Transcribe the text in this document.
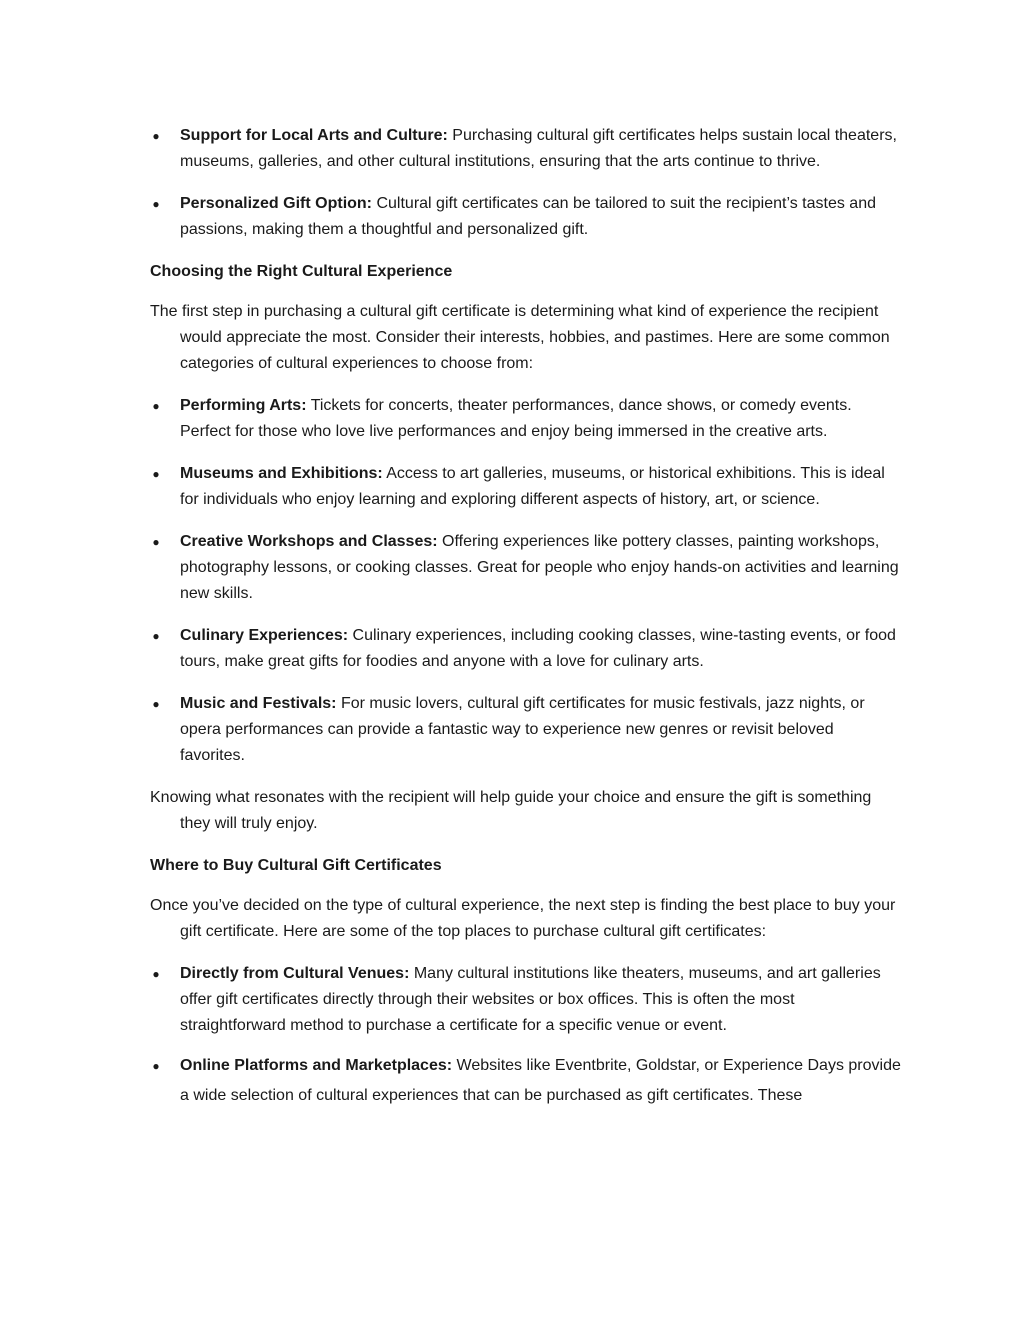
● Support for Local Arts and Culture: Purchasing cultural gift certificates helps sustain local theaters, museums, galleries, and other cultural institutions, ensuring that the arts continue to thrive.
● Personalized Gift Option: Cultural gift certificates can be tailored to suit the recipient’s tastes and passions, making them a thoughtful and personalized gift.
Choosing the Right Cultural Experience
The first step in purchasing a cultural gift certificate is determining what kind of experience the recipient would appreciate the most. Consider their interests, hobbies, and pastimes. Here are some common categories of cultural experiences to choose from:
● Performing Arts: Tickets for concerts, theater performances, dance shows, or comedy events. Perfect for those who love live performances and enjoy being immersed in the creative arts.
● Museums and Exhibitions: Access to art galleries, museums, or historical exhibitions. This is ideal for individuals who enjoy learning and exploring different aspects of history, art, or science.
● Creative Workshops and Classes: Offering experiences like pottery classes, painting workshops, photography lessons, or cooking classes. Great for people who enjoy hands-on activities and learning new skills.
● Culinary Experiences: Culinary experiences, including cooking classes, wine-tasting events, or food tours, make great gifts for foodies and anyone with a love for culinary arts.
● Music and Festivals: For music lovers, cultural gift certificates for music festivals, jazz nights, or opera performances can provide a fantastic way to experience new genres or revisit beloved favorites.
Knowing what resonates with the recipient will help guide your choice and ensure the gift is something they will truly enjoy.
Where to Buy Cultural Gift Certificates
Once you’ve decided on the type of cultural experience, the next step is finding the best place to buy your gift certificate. Here are some of the top places to purchase cultural gift certificates:
● Directly from Cultural Venues: Many cultural institutions like theaters, museums, and art galleries offer gift certificates directly through their websites or box offices. This is often the most straightforward method to purchase a certificate for a specific venue or event.
● Online Platforms and Marketplaces: Websites like Eventbrite, Goldstar, or Experience Days provide a wide selection of cultural experiences that can be purchased as gift certificates. These
